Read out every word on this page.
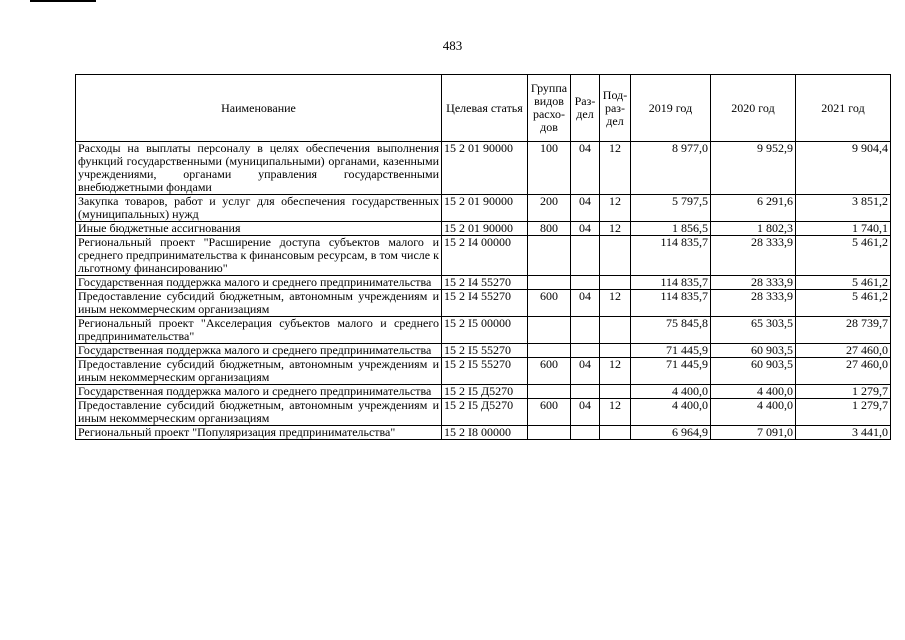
483
Наименование	Целевая статья	Группа видов расхо-дов	Раз-дел	Под-раз-дел	2019 год	2020 год	2021 год
Расходы на выплаты персоналу в целях обеспечения выполнения функций государственными (муниципальными) органами, казенными учреждениями, органами управления государственными внебюджетными фондами	15 2 01 90000	100	04	12	8 977,0	9 952,9	9 904,4
Закупка товаров, работ и услуг для обеспечения государственных (муниципальных) нужд	15 2 01 90000	200	04	12	5 797,5	6 291,6	3 851,2
Иные бюджетные ассигнования	15 2 01 90000	800	04	12	1 856,5	1 802,3	1 740,1
Региональный проект "Расширение доступа субъектов малого и среднего предпринимательства к финансовым ресурсам, в том числе к льготному финансированию"	15 2 I4 00000				114 835,7	28 333,9	5 461,2
Государственная поддержка малого и среднего предпринимательства	15 2 I4 55270				114 835,7	28 333,9	5 461,2
Предоставление субсидий бюджетным, автономным учреждениям и иным некоммерческим организациям	15 2 I4 55270	600	04	12	114 835,7	28 333,9	5 461,2
Региональный проект "Акселерация субъектов малого и среднего предпринимательства"	15 2 I5 00000				75 845,8	65 303,5	28 739,7
Государственная поддержка малого и среднего предпринимательства	15 2 I5 55270				71 445,9	60 903,5	27 460,0
Предоставление субсидий бюджетным, автономным учреждениям и иным некоммерческим организациям	15 2 I5 55270	600	04	12	71 445,9	60 903,5	27 460,0
Государственная поддержка малого и среднего предпринимательства	15 2 I5 Д5270				4 400,0	4 400,0	1 279,7
Предоставление субсидий бюджетным, автономным учреждениям и иным некоммерческим организациям	15 2 I5 Д5270	600	04	12	4 400,0	4 400,0	1 279,7
Региональный проект "Популяризация предпринимательства"	15 2 I8 00000				6 964,9	7 091,0	3 441,0
